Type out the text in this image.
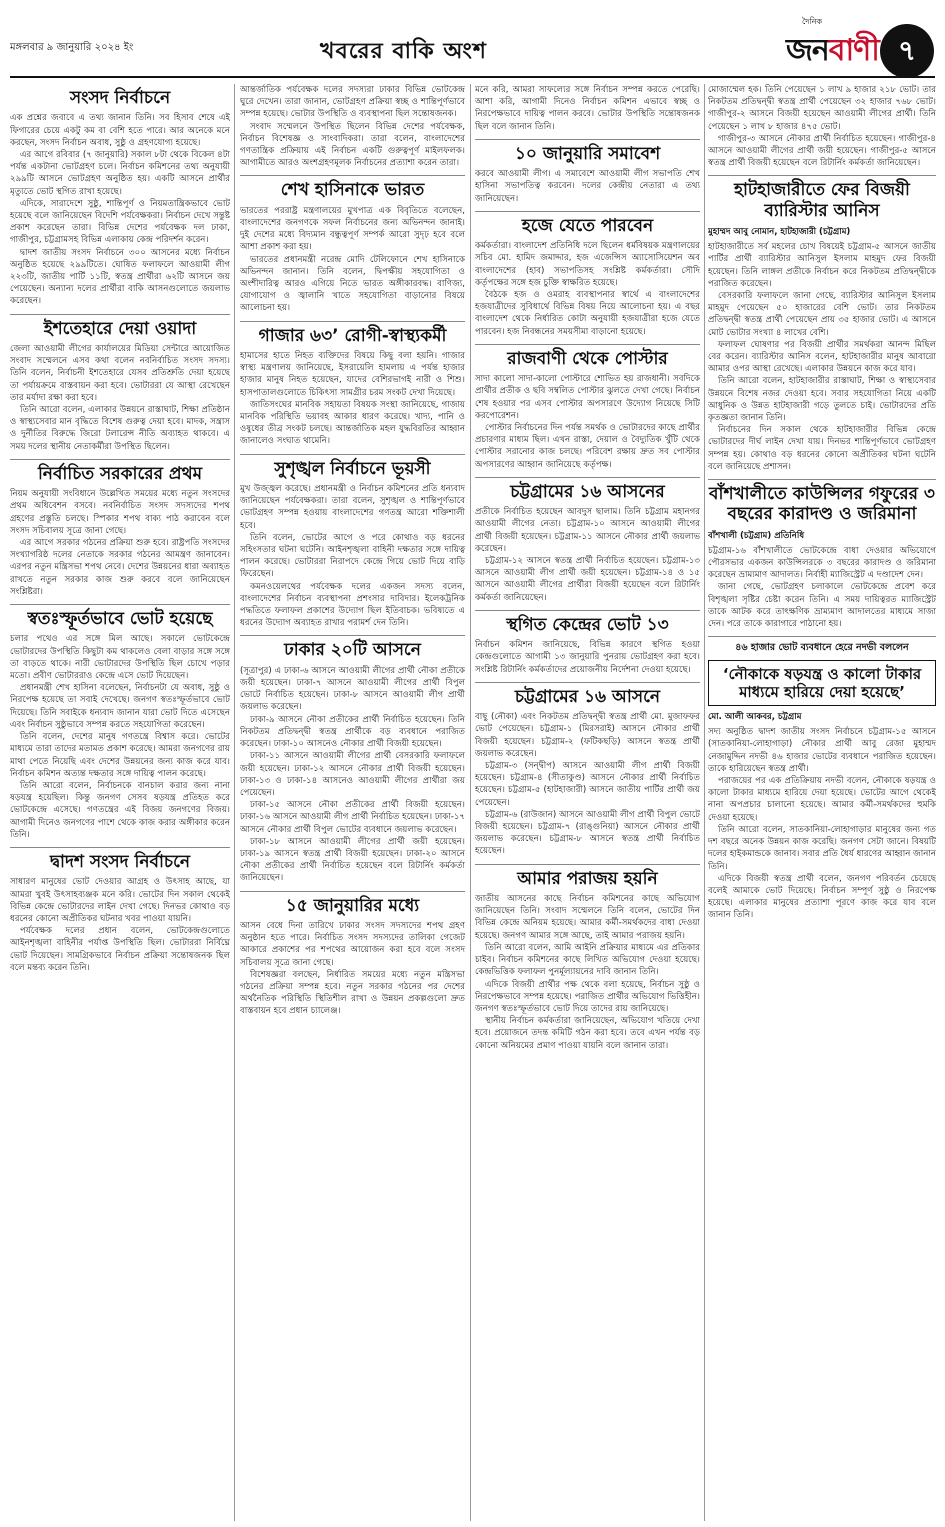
মঙ্গলবার ৯ জানুয়ারি ২০২৪ ইং	খবরের বাকি অংশ
দৈনিক
জনবাণী ৭
সংসদ নির্বাচনে

এক প্রশ্নের জবাবে এ তথ্য জানান তিনি। সব হিসাব শেষে এই ফিগারের চেয়ে একটু কম বা বেশি হতে পারে। আর অনেকে মনে করছেন, সংসদ নির্বাচন অবাধ, সুষ্ঠু ও গ্রহণযোগ্য হয়েছে।

এর আগে রবিবার (৭ জানুয়ারি) সকাল ৮টা থেকে বিকেল ৪টা পর্যন্ত একটানা ভোটগ্রহণ চলে। নির্বাচন কমিশনের তথ্য অনুযায়ী ২৯৯টি আসনে ভোটগ্রহণ অনুষ্ঠিত হয়। একটি আসনে প্রার্থীর মৃত্যুতে ভোট স্থগিত রাখা হয়েছে।

এদিকে, সারাদেশে সুষ্ঠু, শান্তিপূর্ণ ও নিয়মতান্ত্রিকভাবে ভোট হয়েছে বলে জানিয়েছেন বিদেশি পর্যবেক্ষকরা। নির্বাচন দেখে সন্তুষ্ট প্রকাশ করেছেন তারা। বিভিন্ন দেশের পর্যবেক্ষক দল ঢাকা, গাজীপুর, চট্টগ্রামসহ বিভিন্ন এলাকায় কেন্দ্র পরিদর্শন করেন।

দ্বাদশ জাতীয় সংসদ নির্বাচনে ৩০০ আসনের মধ্যে নির্বাচন অনুষ্ঠিত হয়েছে ২৯৯টিতে। ঘোষিত ফলাফলে আওয়ামী লীগ ২২৩টি, জাতীয় পার্টি ১১টি, স্বতন্ত্র প্রার্থীরা ৬২টি আসনে জয় পেয়েছেন। অন্যান্য দলের প্রার্থীরা বাকি আসনগুলোতে জয়লাভ করেছেন।

ইশতেহারে দেয়া ওয়াদা

জেলা আওয়ামী লীগের কার্যালয়ের মিডিয়া সেন্টারে আয়োজিত সংবাদ সম্মেলনে এসব কথা বলেন নবনির্বাচিত সংসদ সদস্য। তিনি বলেন, নির্বাচনী ইশতেহারে যেসব প্রতিশ্রুতি দেয়া হয়েছে তা পর্যায়ক্রমে বাস্তবায়ন করা হবে। ভোটাররা যে আস্থা রেখেছেন তার মর্যাদা রক্ষা করা হবে।

তিনি আরো বলেন, এলাকার উন্নয়নে রাস্তাঘাট, শিক্ষা প্রতিষ্ঠান ও স্বাস্থ্যসেবার মান বৃদ্ধিতে বিশেষ গুরুত্ব দেয়া হবে। মাদক, সন্ত্রাস ও দুর্নীতির বিরুদ্ধে জিরো টলারেন্স নীতি অব্যাহত থাকবে। এ সময় দলের স্থানীয় নেতাকর্মীরা উপস্থিত ছিলেন।

নির্বাচিত সরকারের প্রথম

নিয়ম অনুযায়ী সংবিধানে উল্লেখিত সময়ের মধ্যে নতুন সংসদের প্রথম অধিবেশন বসবে। নবনির্বাচিত সংসদ সদস্যদের শপথ গ্রহণের প্রস্তুতি চলছে। স্পিকার শপথ বাক্য পাঠ করাবেন বলে সংসদ সচিবালয় সূত্রে জানা গেছে।

এর আগে সরকার গঠনের প্রক্রিয়া শুরু হবে। রাষ্ট্রপতি সংসদের সংখ্যাগরিষ্ঠ দলের নেতাকে সরকার গঠনের আমন্ত্রণ জানাবেন। এরপর নতুন মন্ত্রিসভা শপথ নেবে। দেশের উন্নয়নের ধারা অব্যাহত রাখতে নতুন সরকার কাজ শুরু করবে বলে জানিয়েছেন সংশ্লিষ্টরা।

স্বতঃস্ফূর্তভাবে ভোট হয়েছে

চলার পথেও এর সঙ্গে মিল আছে। সকালে ভোটকেন্দ্রে ভোটারদের উপস্থিতি কিছুটা কম থাকলেও বেলা বাড়ার সঙ্গে সঙ্গে তা বাড়তে থাকে। নারী ভোটারদের উপস্থিতি ছিল চোখে পড়ার মতো। প্রবীণ ভোটাররাও কেন্দ্রে এসে ভোট দিয়েছেন।

প্রধানমন্ত্রী শেখ হাসিনা বলেছেন, নির্বাচনটা যে অবাধ, সুষ্ঠু ও নিরপেক্ষ হয়েছে তা সবাই দেখেছে। জনগণ স্বতঃস্ফূর্তভাবে ভোট দিয়েছে। তিনি সবাইকে ধন্যবাদ জানান যারা ভোট দিতে এসেছেন এবং নির্বাচন সুষ্ঠুভাবে সম্পন্ন করতে সহযোগিতা করেছেন।

তিনি বলেন, দেশের মানুষ গণতন্ত্রে বিশ্বাস করে। ভোটের মাধ্যমে তারা তাদের মতামত প্রকাশ করেছে। আমরা জনগণের রায় মাথা পেতে নিয়েছি এবং দেশের উন্নয়নের জন্য কাজ করে যাব। নির্বাচন কমিশন অত্যন্ত দক্ষতার সঙ্গে দায়িত্ব পালন করেছে।

তিনি আরো বলেন, নির্বাচনকে বানচাল করার জন্য নানা ষড়যন্ত্র হয়েছিল। কিন্তু জনগণ সেসব ষড়যন্ত্র প্রতিহত করে ভোটকেন্দ্রে এসেছে। গণতন্ত্রের এই বিজয় জনগণের বিজয়। আগামী দিনেও জনগণের পাশে থেকে কাজ করার অঙ্গীকার করেন তিনি।

দ্বাদশ সংসদ নির্বাচনে

সাধারণ মানুষের ভোট দেওয়ার আগ্রহ ও উৎসাহ আছে, যা আমরা খুবই উৎসাহব্যঞ্জক মনে করি। ভোটের দিন সকাল থেকেই বিভিন্ন কেন্দ্রে ভোটারদের লাইন দেখা গেছে। দিনভর কোথাও বড় ধরনের কোনো অপ্রীতিকর ঘটনার খবর পাওয়া যায়নি।

পর্যবেক্ষক দলের প্রধান বলেন, ভোটকেন্দ্রগুলোতে আইনশৃঙ্খলা বাহিনীর পর্যাপ্ত উপস্থিতি ছিল। ভোটাররা নির্বিঘ্নে ভোট দিয়েছেন। সামগ্রিকভাবে নির্বাচন প্রক্রিয়া সন্তোষজনক ছিল বলে মন্তব্য করেন তিনি।

আন্তর্জাতিক পর্যবেক্ষক দলের সদস্যরা ঢাকার বিভিন্ন ভোটকেন্দ্র ঘুরে দেখেন। তারা জানান, ভোটগ্রহণ প্রক্রিয়া স্বচ্ছ ও শান্তিপূর্ণভাবে সম্পন্ন হয়েছে। ভোটার উপস্থিতি ও ব্যবস্থাপনা ছিল সন্তোষজনক।

সংবাদ সম্মেলনে উপস্থিত ছিলেন বিভিন্ন দেশের পর্যবেক্ষক, নির্বাচন বিশেষজ্ঞ ও সাংবাদিকরা। তারা বলেন, বাংলাদেশের গণতান্ত্রিক প্রক্রিয়ায় এই নির্বাচন একটি গুরুত্বপূর্ণ মাইলফলক। আগামীতে আরও অংশগ্রহণমূলক নির্বাচনের প্রত্যাশা করেন তারা।

শেখ হাসিনাকে ভারত

ভারতের পররাষ্ট্র মন্ত্রণালয়ের মুখপাত্র এক বিবৃতিতে বলেছেন, বাংলাদেশের জনগণকে সফল নির্বাচনের জন্য অভিনন্দন জানাই। দুই দেশের মধ্যে বিদ্যমান বন্ধুত্বপূর্ণ সম্পর্ক আরো সুদৃঢ় হবে বলে আশা প্রকাশ করা হয়।

ভারতের প্রধানমন্ত্রী নরেন্দ্র মোদি টেলিফোনে শেখ হাসিনাকে অভিনন্দন জানান। তিনি বলেন, দ্বিপক্ষীয় সহযোগিতা ও অংশীদারিত্ব আরও এগিয়ে নিতে ভারত অঙ্গীকারবদ্ধ। বাণিজ্য, যোগাযোগ ও জ্বালানি খাতে সহযোগিতা বাড়ানোর বিষয়ে আলোচনা হয়।

গাজার ৬৩’ রোগী-স্বাস্থ্যকর্মী

হামাসের হাতে নিহত ব্যক্তিদের বিষয়ে কিছু বলা হয়নি। গাজার স্বাস্থ্য মন্ত্রণালয় জানিয়েছে, ইসরায়েলি হামলায় এ পর্যন্ত হাজার হাজার মানুষ নিহত হয়েছেন, যাদের বেশিরভাগই নারী ও শিশু। হাসপাতালগুলোতে চিকিৎসা সামগ্রীর চরম সংকট দেখা দিয়েছে।

জাতিসংঘের মানবিক সহায়তা বিষয়ক সংস্থা জানিয়েছে, গাজায় মানবিক পরিস্থিতি ভয়াবহ আকার ধারণ করেছে। খাদ্য, পানি ও ওষুধের তীব্র সংকট চলছে। আন্তর্জাতিক মহল যুদ্ধবিরতির আহ্বান জানালেও সংঘাত থামেনি।

সুশৃঙ্খল নির্বাচনে ভূয়সী

মুখ উজ্জ্বল করেছে। প্রধানমন্ত্রী ও নির্বাচন কমিশনের প্রতি ধন্যবাদ জানিয়েছেন পর্যবেক্ষকরা। তারা বলেন, সুশৃঙ্খল ও শান্তিপূর্ণভাবে ভোটগ্রহণ সম্পন্ন হওয়ায় বাংলাদেশের গণতন্ত্র আরো শক্তিশালী হবে।

তিনি বলেন, ভোটের আগে ও পরে কোথাও বড় ধরনের সহিংসতার ঘটনা ঘটেনি। আইনশৃঙ্খলা বাহিনী দক্ষতার সঙ্গে দায়িত্ব পালন করেছে। ভোটাররা নিরাপদে কেন্দ্রে গিয়ে ভোট দিয়ে বাড়ি ফিরেছেন।

কমনওয়েলথের পর্যবেক্ষক দলের একজন সদস্য বলেন, বাংলাদেশের নির্বাচন ব্যবস্থাপনা প্রশংসার দাবিদার। ইলেকট্রনিক পদ্ধতিতে ফলাফল প্রকাশের উদ্যোগ ছিল ইতিবাচক। ভবিষ্যতে এ ধরনের উদ্যোগ অব্যাহত রাখার পরামর্শ দেন তিনি।

ঢাকার ২০টি আসনে

(সূত্রাপুর) এ ঢাকা-৬ আসনে আওয়ামী লীগের প্রার্থী নৌকা প্রতীকে জয়ী হয়েছেন। ঢাকা-৭ আসনে আওয়ামী লীগের প্রার্থী বিপুল ভোটে নির্বাচিত হয়েছেন। ঢাকা-৮ আসনে আওয়ামী লীগ প্রার্থী জয়লাভ করেছেন।

ঢাকা-৯ আসনে নৌকা প্রতীকের প্রার্থী নির্বাচিত হয়েছেন। তিনি নিকটতম প্রতিদ্বন্দ্বী স্বতন্ত্র প্রার্থীকে বড় ব্যবধানে পরাজিত করেছেন। ঢাকা-১০ আসনেও নৌকার প্রার্থী বিজয়ী হয়েছেন।

ঢাকা-১১ আসনে আওয়ামী লীগের প্রার্থী বেসরকারি ফলাফলে জয়ী হয়েছেন। ঢাকা-১২ আসনে নৌকার প্রার্থী বিজয়ী হয়েছেন। ঢাকা-১৩ ও ঢাকা-১৪ আসনেও আওয়ামী লীগের প্রার্থীরা জয় পেয়েছেন।

ঢাকা-১৫ আসনে নৌকা প্রতীকের প্রার্থী বিজয়ী হয়েছেন। ঢাকা-১৬ আসনে আওয়ামী লীগ প্রার্থী নির্বাচিত হয়েছেন। ঢাকা-১৭ আসনে নৌকার প্রার্থী বিপুল ভোটের ব্যবধানে জয়লাভ করেছেন।

ঢাকা-১৮ আসনে আওয়ামী লীগের প্রার্থী জয়ী হয়েছেন। ঢাকা-১৯ আসনে স্বতন্ত্র প্রার্থী বিজয়ী হয়েছেন। ঢাকা-২০ আসনে নৌকা প্রতীকের প্রার্থী নির্বাচিত হয়েছেন বলে রিটার্নিং কর্মকর্তা জানিয়েছেন।

১৫ জানুয়ারির মধ্যে

আসন বেধে দিনা তারিখে ঢাকার সংসদ সদস্যদের শপথ গ্রহণ অনুষ্ঠান হতে পারে। নির্বাচিত সংসদ সদস্যদের তালিকা গেজেট আকারে প্রকাশের পর শপথের আয়োজন করা হবে বলে সংসদ সচিবালয় সূত্রে জানা গেছে।

বিশেষজ্ঞরা বলছেন, নির্ধারিত সময়ের মধ্যে নতুন মন্ত্রিসভা গঠনের প্রক্রিয়া সম্পন্ন হবে। নতুন সরকার গঠনের পর দেশের অর্থনৈতিক পরিস্থিতি স্থিতিশীল রাখা ও উন্নয়ন প্রকল্পগুলো দ্রুত বাস্তবায়ন হবে প্রধান চ্যালেঞ্জ।

মনে করি, আমরা সাফল্যের সঙ্গে নির্বাচন সম্পন্ন করতে পেরেছি। আশা করি, আগামী দিনেও নির্বাচন কমিশন এভাবে স্বচ্ছ ও নিরপেক্ষভাবে দায়িত্ব পালন করবে। ভোটার উপস্থিতি সন্তোষজনক ছিল বলে জানান তিনি।

১০ জানুয়ারি সমাবেশ

করবে আওয়ামী লীগ। এ সমাবেশে আওয়ামী লীগ সভাপতি শেখ হাসিনা সভাপতিত্ব করবেন। দলের কেন্দ্রীয় নেতারা এ তথ্য জানিয়েছেন।

হজে যেতে পারবেন

কর্মকর্তারা। বাংলাদেশ প্রতিনিধি দলে ছিলেন ধর্মবিষয়ক মন্ত্রণালয়ের সচিব মো. হামিদ জমাদ্দার, হজ এজেন্সিস অ্যাসোসিয়েশন অব বাংলাদেশের (হাব) সভাপতিসহ সংশ্লিষ্ট কর্মকর্তারা। সৌদি কর্তৃপক্ষের সঙ্গে হজ চুক্তি স্বাক্ষরিত হয়েছে।

বৈঠকে হজ ও ওমরাহ ব্যবস্থাপনার স্বার্থে এ বাংলাদেশের হজযাত্রীদের সুবিধার্থে বিভিন্ন বিষয় নিয়ে আলোচনা হয়। এ বছর বাংলাদেশ থেকে নির্ধারিত কোটা অনুযায়ী হজযাত্রীরা হজে যেতে পারবেন। হজ নিবন্ধনের সময়সীমা বাড়ানো হয়েছে।

রাজবাণী থেকে পোস্টার

সাদা কালো সাদা-কালো পোস্টারে শোভিত হয় রাজধানী। সবদিকে প্রার্থীর প্রতীক ও ছবি সম্বলিত পোস্টার ঝুলতে দেখা গেছে। নির্বাচন শেষ হওয়ার পর এসব পোস্টার অপসারণে উদ্যোগ নিয়েছে সিটি করপোরেশন।

পোস্টার নির্বাচনের দিন পর্যন্ত সমর্থক ও ভোটারদের কাছে প্রার্থীর প্রচারণার মাধ্যম ছিল। এখন রাস্তা, দেয়াল ও বৈদ্যুতিক খুঁটি থেকে পোস্টার সরানোর কাজ চলছে। পরিবেশ রক্ষায় দ্রুত সব পোস্টার অপসারণের আহ্বান জানিয়েছে কর্তৃপক্ষ।

চট্টগ্রামের ১৬ আসনের

প্রতীকে নির্বাচিত হয়েছেন আবদুস ছালাম। তিনি চট্টগ্রাম মহানগর আওয়ামী লীগের নেতা। চট্টগ্রাম-১০ আসনে আওয়ামী লীগের প্রার্থী বিজয়ী হয়েছেন। চট্টগ্রাম-১১ আসনে নৌকার প্রার্থী জয়লাভ করেছেন।

চট্টগ্রাম-১২ আসনে স্বতন্ত্র প্রার্থী নির্বাচিত হয়েছেন। চট্টগ্রাম-১৩ আসনে আওয়ামী লীগ প্রার্থী জয়ী হয়েছেন। চট্টগ্রাম-১৪ ও ১৫ আসনে আওয়ামী লীগের প্রার্থীরা বিজয়ী হয়েছেন বলে রিটার্নিং কর্মকর্তা জানিয়েছেন।

স্থগিত কেন্দ্রের ভোট ১৩

নির্বাচন কমিশন জানিয়েছে, বিভিন্ন কারণে স্থগিত হওয়া কেন্দ্রগুলোতে আগামী ১৩ জানুয়ারি পুনরায় ভোটগ্রহণ করা হবে। সংশ্লিষ্ট রিটার্নিং কর্মকর্তাদের প্রয়োজনীয় নির্দেশনা দেওয়া হয়েছে।

চট্টগ্রামের ১৬ আসনে

বাছু (নৌকা) এবং নিকটতম প্রতিদ্বন্দ্বী স্বতন্ত্র প্রার্থী মো. মুজাফফর ভোট পেয়েছেন। চট্টগ্রাম-১ (মিরসরাই) আসনে নৌকার প্রার্থী বিজয়ী হয়েছেন। চট্টগ্রাম-২ (ফটিকছড়ি) আসনে স্বতন্ত্র প্রার্থী জয়লাভ করেছেন।

চট্টগ্রাম-৩ (সন্দ্বীপ) আসনে আওয়ামী লীগ প্রার্থী বিজয়ী হয়েছেন। চট্টগ্রাম-৪ (সীতাকুণ্ড) আসনে নৌকার প্রার্থী নির্বাচিত হয়েছেন। চট্টগ্রাম-৫ (হাটহাজারী) আসনে জাতীয় পার্টির প্রার্থী জয় পেয়েছেন।

চট্টগ্রাম-৬ (রাউজান) আসনে আওয়ামী লীগ প্রার্থী বিপুল ভোটে বিজয়ী হয়েছেন। চট্টগ্রাম-৭ (রাঙ্গুনিয়া) আসনে নৌকার প্রার্থী জয়লাভ করেছেন। চট্টগ্রাম-৮ আসনে স্বতন্ত্র প্রার্থী নির্বাচিত হয়েছেন।

আমার পরাজয় হয়নি

জাতীয় আসনের কাছে নির্বাচন কমিশনের কাছে অভিযোগ জানিয়েছেন তিনি। সংবাদ সম্মেলনে তিনি বলেন, ভোটের দিন বিভিন্ন কেন্দ্রে অনিয়ম হয়েছে। আমার কর্মী-সমর্থকদের বাধা দেওয়া হয়েছে। জনগণ আমার সঙ্গে আছে, তাই আমার পরাজয় হয়নি।

তিনি আরো বলেন, আমি আইনি প্রক্রিয়ার মাধ্যমে এর প্রতিকার চাইব। নির্বাচন কমিশনের কাছে লিখিত অভিযোগ দেওয়া হয়েছে। কেন্দ্রভিত্তিক ফলাফল পুনর্মূল্যায়নের দাবি জানান তিনি।

এদিকে বিজয়ী প্রার্থীর পক্ষ থেকে বলা হয়েছে, নির্বাচন সুষ্ঠু ও নিরপেক্ষভাবে সম্পন্ন হয়েছে। পরাজিত প্রার্থীর অভিযোগ ভিত্তিহীন। জনগণ স্বতঃস্ফূর্তভাবে ভোট দিয়ে তাদের রায় জানিয়েছে।

স্থানীয় নির্বাচন কর্মকর্তারা জানিয়েছেন, অভিযোগ খতিয়ে দেখা হবে। প্রয়োজনে তদন্ত কমিটি গঠন করা হবে। তবে এখন পর্যন্ত বড় কোনো অনিয়মের প্রমাণ পাওয়া যায়নি বলে জানান তারা।

মোজাম্মেল হক। তিনি পেয়েছেন ১ লাখ ৯ হাজার ২১৮ ভোট। তার নিকটতম প্রতিদ্বন্দ্বী স্বতন্ত্র প্রার্থী পেয়েছেন ৩২ হাজার ৭৬৮ ভোট। গাজীপুর-২ আসনে বিজয়ী হয়েছেন আওয়ামী লীগের প্রার্থী। তিনি পেয়েছেন ১ লাখ ৮ হাজার ৪৭৫ ভোট।

গাজীপুর-৩ আসনে নৌকার প্রার্থী নির্বাচিত হয়েছেন। গাজীপুর-৪ আসনে আওয়ামী লীগের প্রার্থী জয়ী হয়েছেন। গাজীপুর-৫ আসনে স্বতন্ত্র প্রার্থী বিজয়ী হয়েছেন বলে রিটার্নিং কর্মকর্তা জানিয়েছেন।

হাটহাজারীতে ফের বিজয়ী ব্যারিস্টার আনিস
মুহাম্মদ আবু নোমান, হাটহাজারী (চট্টগ্রাম)

হাটহাজারীতে সর্ব মহলের চোখ বিষয়েই চট্টগ্রাম-৫ আসনে জাতীয় পার্টির প্রার্থী ব্যারিস্টার আনিসুল ইসলাম মাহমুদ ফের বিজয়ী হয়েছেন। তিনি লাঙ্গল প্রতীকে নির্বাচন করে নিকটতম প্রতিদ্বন্দ্বীকে পরাজিত করেছেন।

বেসরকারি ফলাফলে জানা গেছে, ব্যারিস্টার আনিসুল ইসলাম মাহমুদ পেয়েছেন ৫০ হাজারের বেশি ভোট। তার নিকটতম প্রতিদ্বন্দ্বী স্বতন্ত্র প্রার্থী পেয়েছেন প্রায় ৩৫ হাজার ভোট। এ আসনে মোট ভোটার সংখ্যা ৪ লাখের বেশি।

ফলাফল ঘোষণার পর বিজয়ী প্রার্থীর সমর্থকরা আনন্দ মিছিল বের করেন। ব্যারিস্টার আনিস বলেন, হাটহাজারীর মানুষ আবারো আমার ওপর আস্থা রেখেছে। এলাকার উন্নয়নে কাজ করে যাব।

তিনি আরো বলেন, হাটহাজারীর রাস্তাঘাট, শিক্ষা ও স্বাস্থ্যসেবার উন্নয়নে বিশেষ নজর দেওয়া হবে। সবার সহযোগিতা নিয়ে একটি আধুনিক ও উন্নত হাটহাজারী গড়ে তুলতে চাই। ভোটারদের প্রতি কৃতজ্ঞতা জানান তিনি।

নির্বাচনের দিন সকাল থেকে হাটহাজারীর বিভিন্ন কেন্দ্রে ভোটারদের দীর্ঘ লাইন দেখা যায়। দিনভর শান্তিপূর্ণভাবে ভোটগ্রহণ সম্পন্ন হয়। কোথাও বড় ধরনের কোনো অপ্রীতিকর ঘটনা ঘটেনি বলে জানিয়েছে প্রশাসন।

বাঁশখালীতে কাউন্সিলর গফুরের ৩ বছরের কারাদণ্ড ও জরিমানা
বাঁশখালী (চট্টগ্রাম) প্রতিনিধি

চট্টগ্রাম-১৬ বাঁশখালীতে ভোটকেন্দ্রে বাধা দেওয়ার অভিযোগে পৌরসভার একজন কাউন্সিলরকে ৩ বছরের কারাদণ্ড ও জরিমানা করেছেন ভ্রাম্যমাণ আদালত। নির্বাহী ম্যাজিস্ট্রেট এ দণ্ডাদেশ দেন।

জানা গেছে, ভোটগ্রহণ চলাকালে ভোটকেন্দ্রে প্রবেশ করে বিশৃঙ্খলা সৃষ্টির চেষ্টা করেন তিনি। এ সময় দায়িত্বরত ম্যাজিস্ট্রেট তাকে আটক করে তাৎক্ষণিক ভ্রাম্যমাণ আদালতের মাধ্যমে সাজা দেন। পরে তাকে কারাগারে পাঠানো হয়।

৪৬ হাজার ভোট ব্যবধানে হেরে নদভী বললেন
‘নৌকাকে ষড়যন্ত্র ও কালো টাকার মাধ্যমে হারিয়ে দেয়া হয়েছে’
মো. আলী আকবর, চট্টগ্রাম

সদ্য অনুষ্ঠিত দ্বাদশ জাতীয় সংসদ নির্বাচনে চট্টগ্রাম-১৫ আসনে (সাতকানিয়া-লোহাগাড়া) নৌকার প্রার্থী আবু রেজা মুহাম্মদ নেজামুদ্দিন নদভী ৪৬ হাজার ভোটের ব্যবধানে পরাজিত হয়েছেন। তাকে হারিয়েছেন স্বতন্ত্র প্রার্থী।

পরাজয়ের পর এক প্রতিক্রিয়ায় নদভী বলেন, নৌকাকে ষড়যন্ত্র ও কালো টাকার মাধ্যমে হারিয়ে দেয়া হয়েছে। ভোটের আগে থেকেই নানা অপপ্রচার চালানো হয়েছে। আমার কর্মী-সমর্থকদের হুমকি দেওয়া হয়েছে।

তিনি আরো বলেন, সাতকানিয়া-লোহাগাড়ার মানুষের জন্য গত দশ বছরে অনেক উন্নয়ন কাজ করেছি। জনগণ সেটা জানে। বিষয়টি দলের হাইকমান্ডকে জানাব। সবার প্রতি ধৈর্য ধারণের আহ্বান জানান তিনি।

এদিকে বিজয়ী স্বতন্ত্র প্রার্থী বলেন, জনগণ পরিবর্তন চেয়েছে বলেই আমাকে ভোট দিয়েছে। নির্বাচন সম্পূর্ণ সুষ্ঠু ও নিরপেক্ষ হয়েছে। এলাকার মানুষের প্রত্যাশা পূরণে কাজ করে যাব বলে জানান তিনি।
